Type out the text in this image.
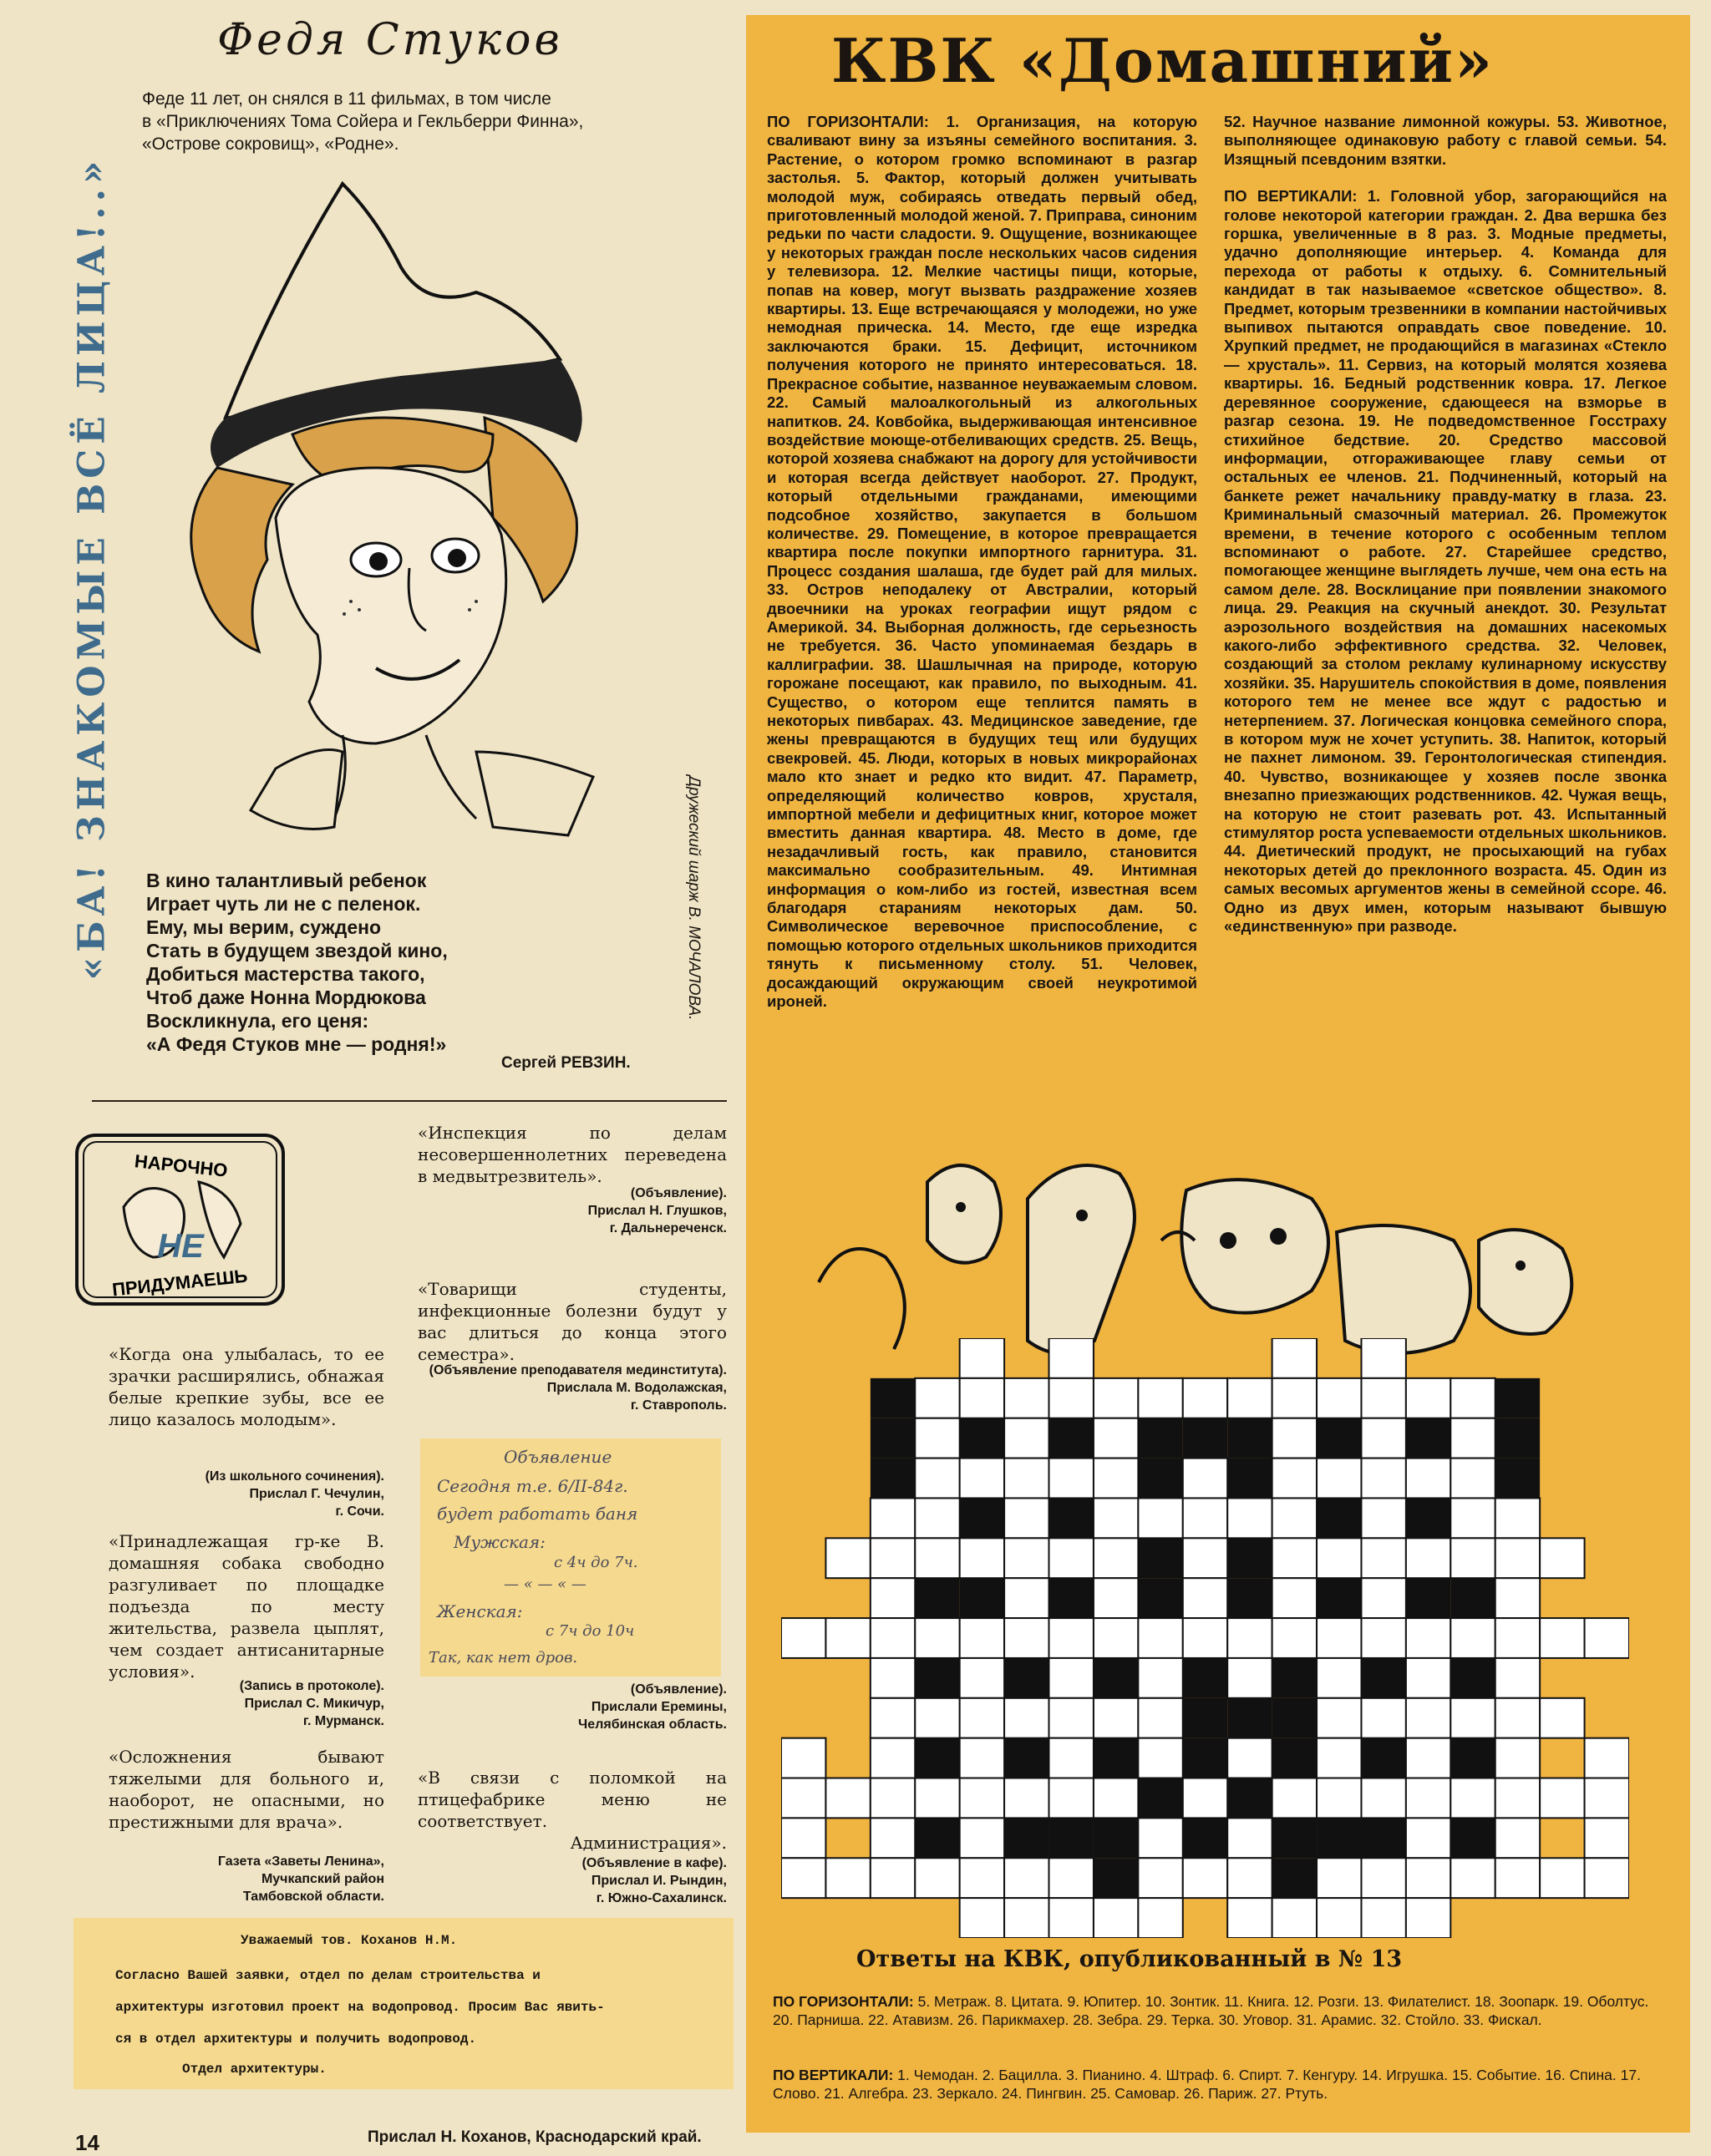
Федя Стуков
Феде 11 лет, он снялся в 11 фильмах, в том числе
в «Приключениях Тома Сойера и Гекльберри Финна»,
«Острове сокровищ», «Родне».
«БА! ЗНАКОМЫЕ ВСЁ ЛИЦА!..»	Дружеский шарж В. МОЧАЛОВА.
В кино талантливый ребенок
Играет чуть ли не с пеленок.
Ему, мы верим, суждено
Стать в будущем звездой кино,
Добиться мастерства такого,
Чтоб даже Нонна Мордюкова
Воскликнула, его ценя:
«А Федя Стуков мне — родня!»
Сергей РЕВЗИН.
НАРОЧНО
НЕ
ПРИДУМАЕШЬ
«Когда она улыбалась, то ее зрачки расширялись, обнажая белые крепкие зубы, все ее лицо казалось молодым».
(Из школьного сочинения).
Прислал Г. Чечулин,
г. Сочи.
«Принадлежащая гр-ке В. домашняя собака свободно разгуливает по площадке подъезда по месту жительства, развела цыплят, чем создает антисанитарные условия».
(Запись в протоколе).
Прислал С. Микичур,
г. Мурманск.
«Осложнения бывают тяжелыми для больного и, наоборот, не опасными, но престижными для врача».
Газета «Заветы Ленина»,
Мучкапский район
Тамбовской области.
«Инспекция по делам несовершеннолетних переведена в медвытрезвитель».
(Объявление).
Прислал Н. Глушков,
г. Дальнереченск.
«Товарищи студенты, инфекционные болезни будут у вас длиться до конца этого семестра».
(Объявление преподавателя мединститута).
Прислала М. Водолажская,
г. Ставрополь.
Объявление
Сегодня т.е. 6/II-84г.
будет работать баня
Мужская:
с 4ч до 7ч.
— « — « —
Женская:
с 7ч до 10ч
Так, как нет дров.
(Объявление).
Прислали Еремины,
Челябинская область.
«В связи с поломкой на птицефабрике меню не соответствует.
Администрация».
(Объявление в кафе).
Прислал И. Рындин,
г. Южно-Сахалинск.
Уважаемый тов. Коханов Н.М.
Согласно Вашей заявки, отдел по делам строительства и
архитектуры изготовил проект на водопровод. Просим Вас явить-
ся в отдел архитектуры и получить водопровод.
Отдел архитектуры.
14	Прислал Н. Коханов, Краснодарский край.
КВК «Домашний»
ПО ГОРИЗОНТАЛИ: 1. Организация, на которую сваливают вину за изъяны семейного воспитания. 3. Растение, о котором громко вспоминают в разгар застолья. 5. Фактор, который должен учитывать молодой муж, собираясь отведать первый обед, приготовленный молодой женой. 7. Приправа, синоним редьки по части сладости. 9. Ощущение, возникающее у некоторых граждан после нескольких часов сидения у телевизора. 12. Мелкие частицы пищи, которые, попав на ковер, могут вызвать раздражение хозяев квартиры. 13. Еще встречающаяся у молодежи, но уже немодная прическа. 14. Место, где еще изредка заключаются браки. 15. Дефицит, источником получения которого не принято интересоваться. 18. Прекрасное событие, названное неуважаемым словом. 22. Самый малоалкогольный из алкогольных напитков. 24. Ковбойка, выдерживающая интенсивное воздействие моюще-отбеливающих средств. 25. Вещь, которой хозяева снабжают на дорогу для устойчивости и которая всегда действует наоборот. 27. Продукт, который отдельными гражданами, имеющими подсобное хозяйство, закупается в большом количестве. 29. Помещение, в которое превращается квартира после покупки импортного гарнитура. 31. Процесс создания шалаша, где будет рай для милых. 33. Остров неподалеку от Австралии, который двоечники на уроках географии ищут рядом с Америкой. 34. Выборная должность, где серьезность не требуется. 36. Часто упоминаемая бездарь в каллиграфии. 38. Шашлычная на природе, которую горожане посещают, как правило, по выходным. 41. Существо, о котором еще теплится память в некоторых пивбарах. 43. Медицинское заведение, где жены превращаются в будущих тещ или будущих свекровей. 45. Люди, которых в новых микрорайонах мало кто знает и редко кто видит. 47. Параметр, определяющий количество ковров, хрусталя, импортной мебели и дефицитных книг, которое может вместить данная квартира. 48. Место в доме, где незадачливый гость, как правило, становится максимально сообразительным. 49. Интимная информация о ком-либо из гостей, известная всем благодаря стараниям некоторых дам. 50. Символическое веревочное приспособление, с помощью которого отдельных школьников приходится тянуть к письменному столу. 51. Человек, досаждающий окружающим своей неукротимой ироней.
52. Научное название лимонной кожуры. 53. Животное, выполняющее одинаковую работу с главой семьи. 54. Изящный псевдоним взятки.
ПО ВЕРТИКАЛИ: 1. Головной убор, загорающийся на голове некоторой категории граждан. 2. Два вершка без горшка, увеличенные в 8 раз. 3. Модные предметы, удачно дополняющие интерьер. 4. Команда для перехода от работы к отдыху. 6. Сомнительный кандидат в так называемое «светское общество». 8. Предмет, которым трезвенники в компании настойчивых выпивох пытаются оправдать свое поведение. 10. Хрупкий предмет, не продающийся в магазинах «Стекло — хрусталь». 11. Сервиз, на который молятся хозяева квартиры. 16. Бедный родственник ковра. 17. Легкое деревянное сооружение, сдающееся на взморье в разгар сезона. 19. Не подведомственное Госстраху стихийное бедствие. 20. Средство массовой информации, отгораживающее главу семьи от остальных ее членов. 21. Подчиненный, который на банкете режет начальнику правду-матку в глаза. 23. Криминальный смазочный материал. 26. Промежуток времени, в течение которого с особенным теплом вспоминают о работе. 27. Старейшее средство, помогающее женщине выглядеть лучше, чем она есть на самом деле. 28. Восклицание при появлении знакомого лица. 29. Реакция на скучный анекдот. 30. Результат аэрозольного воздействия на домашних насекомых какого-либо эффективного средства. 32. Человек, создающий за столом рекламу кулинарному искусству хозяйки. 35. Нарушитель спокойствия в доме, появления которого тем не менее все ждут с радостью и нетерпением. 37. Логическая концовка семейного спора, в котором муж не хочет уступить. 38. Напиток, который не пахнет лимоном. 39. Геронтологическая стипендия. 40. Чувство, возникающее у хозяев после звонка внезапно приезжающих родственников. 42. Чужая вещь, на которую не стоит разевать рот. 43. Испытанный стимулятор роста успеваемости отдельных школьников. 44. Диетический продукт, не просыхающий на губах некоторых детей до преклонного возраста. 45. Один из самых весомых аргументов жены в семейной ссоре. 46. Одно из двух имен, которым называют бывшую «единственную» при разводе.
Ответы на КВК, опубликованный в № 13
ПО ГОРИЗОНТАЛИ: 5. Метраж. 8. Цитата. 9. Юпитер. 10. Зонтик. 11. Книга. 12. Розги. 13. Филателист. 18. Зоопарк. 19. Оболтус. 20. Парниша. 22. Атавизм. 26. Парикмахер. 28. Зебра. 29. Терка. 30. Уговор. 31. Арамис. 32. Стойло. 33. Фискал.
ПО ВЕРТИКАЛИ: 1. Чемодан. 2. Бацилла. 3. Пианино. 4. Штраф. 6. Спирт. 7. Кенгуру. 14. Игрушка. 15. Событие. 16. Спина. 17. Слово. 21. Алгебра. 23. Зеркало. 24. Пингвин. 25. Самовар. 26. Париж. 27. Ртуть.
